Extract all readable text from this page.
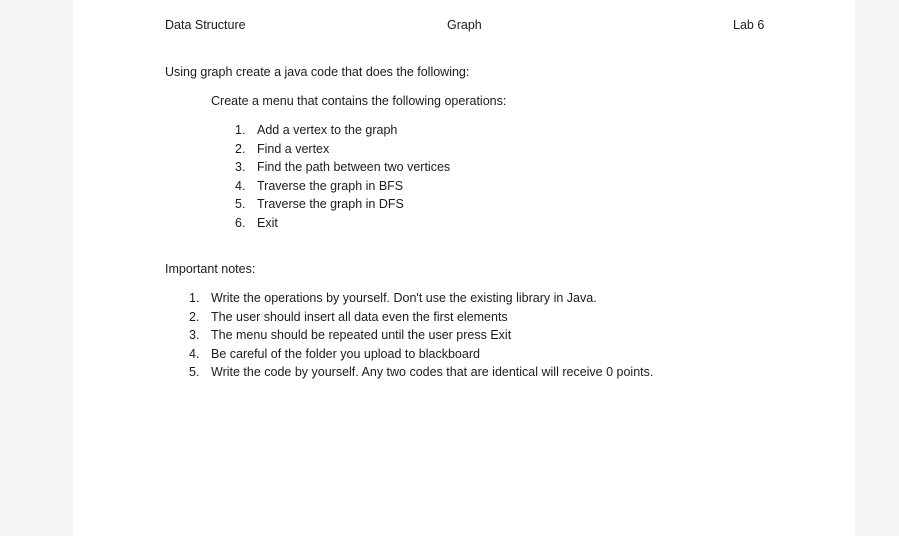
Data Structure	Graph	Lab 6
Using graph create a java code that does the following:
Create a menu that contains the following operations:
1. Add a vertex to the graph
2. Find a vertex
3. Find the path between two vertices
4. Traverse the graph in BFS
5. Traverse the graph in DFS
6. Exit
Important notes:
1. Write the operations by yourself. Don't use the existing library in Java.
2. The user should insert all data even the first elements
3. The menu should be repeated until the user press Exit
4. Be careful of the folder you upload to blackboard
5. Write the code by yourself. Any two codes that are identical will receive 0 points.
